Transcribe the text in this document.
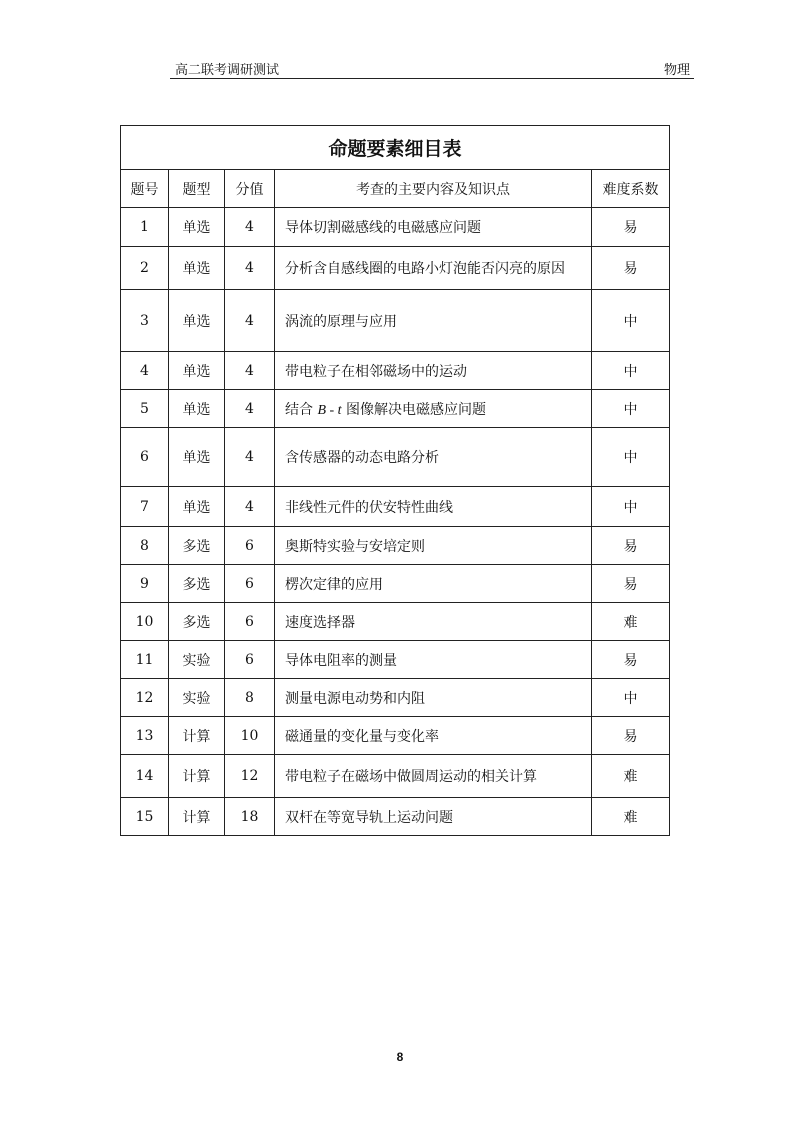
高二联考调研测试	物理
命题要素细目表				
题号	题型	分值	考查的主要内容及知识点	难度系数
1	单选	4	导体切割磁感线的电磁感应问题	易
2	单选	4	分析含自感线圈的电路小灯泡能否闪亮的原因	易
3	单选	4	涡流的原理与应用	中
4	单选	4	带电粒子在相邻磁场中的运动	中
5	单选	4	结合 B - t 图像解决电磁感应问题	中
6	单选	4	含传感器的动态电路分析	中
7	单选	4	非线性元件的伏安特性曲线	中
8	多选	6	奥斯特实验与安培定则	易
9	多选	6	楞次定律的应用	易
10	多选	6	速度选择器	难
11	实验	6	导体电阻率的测量	易
12	实验	8	测量电源电动势和内阻	中
13	计算	10	磁通量的变化量与变化率	易
14	计算	12	带电粒子在磁场中做圆周运动的相关计算	难
15	计算	18	双杆在等宽导轨上运动问题	难
8
